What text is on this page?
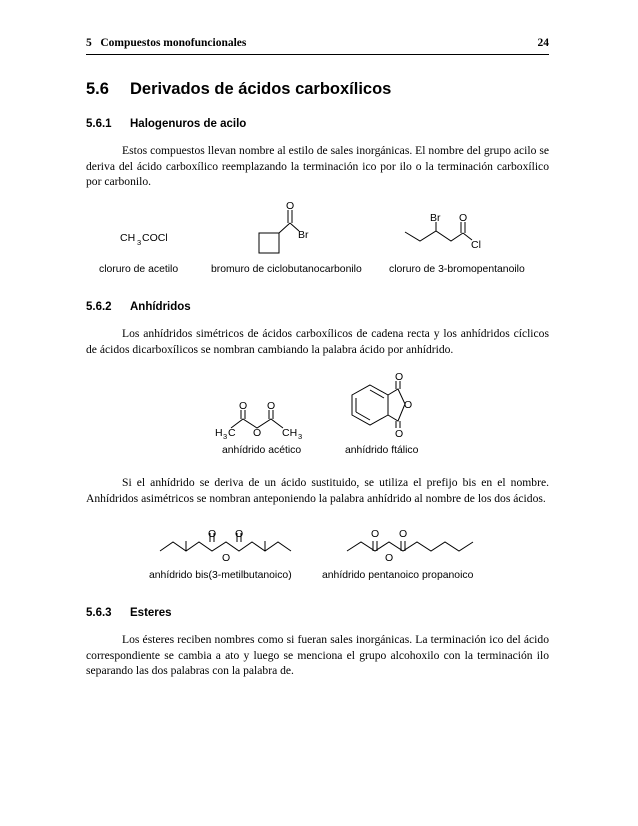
5   Compuestos monofuncionales	24
5.6 Derivados de ácidos carboxílicos
5.6.1 Halogenuros de acilo

Estos compuestos llevan nombre al estilo de sales inorgánicas. El nombre del grupo acilo se deriva del ácido carboxílico reemplazando la terminación ico por ilo o la terminación carboxílico por carbonilo.

CH 3 COCl
O
Br
Br O
Cl
cloruro de acetilo	bromuro de ciclobutanocarbonilo	cloruro de 3-bromopentanoilo
5.6.2 Anhídridos

Los anhídridos simétricos de ácidos carboxílicos de cadena recta y los anhídridos cíclicos de ácidos dicarboxílicos se nombran cambiando la palabra ácido por anhídrido.

O O
O
H 3 C	CH 3
O
O
O
anhídrido acético	anhídrido ftálico

Si el anhídrido se deriva de un ácido sustituido, se utiliza el prefijo bis en el nombre. Anhídridos asimétricos se nombran anteponiendo la palabra anhídrido al nombre de los dos ácidos.

O O
O
O O
O
anhídrido bis(3-metilbutanoico)	anhídrido pentanoico propanoico
5.6.3 Esteres

Los ésteres reciben nombres como si fueran sales inorgánicas. La terminación ico del ácido correspondiente se cambia a ato y luego se menciona el grupo alcohoxilo con la terminación ilo separando las dos palabras con la palabra de.
